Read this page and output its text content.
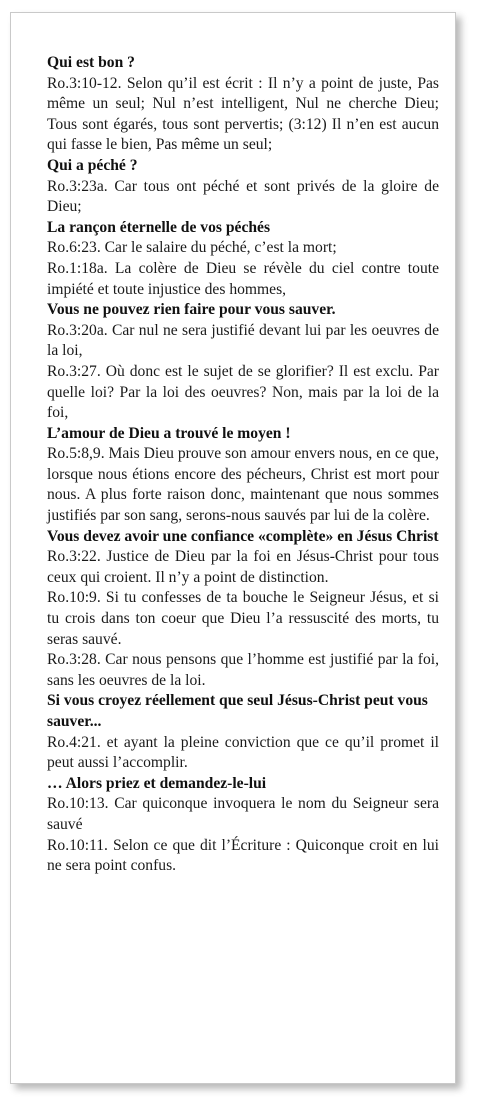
Qui est bon ?

Ro.3:10-12. Selon qu’il est écrit : Il n’y a point de juste, Pas même un seul; Nul n’est intelligent, Nul ne cherche Dieu; Tous sont égarés, tous sont pervertis; (3:12) Il n’en est aucun qui fasse le bien, Pas même un seul;

Qui a péché ?

Ro.3:23a. Car tous ont péché et sont privés de la gloire de Dieu;

La rançon éternelle de vos péchés

Ro.6:23. Car le salaire du péché, c’est la mort;

Ro.1:18a. La colère de Dieu se révèle du ciel contre toute impiété et toute injustice des hommes,

Vous ne pouvez rien faire pour vous sauver.

Ro.3:20a. Car nul ne sera justifié devant lui par les oeuvres de la loi,

Ro.3:27. Où donc est le sujet de se glorifier? Il est exclu. Par quelle loi? Par la loi des oeuvres? Non, mais par la loi de la foi,

L’amour de Dieu a trouvé le moyen !

Ro.5:8,9. Mais Dieu prouve son amour envers nous, en ce que, lorsque nous étions encore des pécheurs, Christ est mort pour nous. A plus forte raison donc, maintenant que nous sommes justifiés par son sang, serons-nous sauvés par lui de la colère.

Vous devez avoir une confiance «complète» en Jésus Christ

Ro.3:22. Justice de Dieu par la foi en Jésus-Christ pour tous ceux qui croient. Il n’y a point de distinction.

Ro.10:9. Si tu confesses de ta bouche le Seigneur Jésus, et si tu crois dans ton coeur que Dieu l’a ressuscité des morts, tu seras sauvé.

Ro.3:28. Car nous pensons que l’homme est justifié par la foi, sans les oeuvres de la loi.

Si vous croyez réellement que seul Jésus-Christ peut vous sauver...

Ro.4:21. et ayant la pleine conviction que ce qu’il promet il peut aussi l’accomplir.

… Alors priez et demandez-le-lui

Ro.10:13. Car quiconque invoquera le nom du Seigneur sera sauvé

Ro.10:11. Selon ce que dit l’Écriture : Quiconque croit en lui ne sera point confus.
